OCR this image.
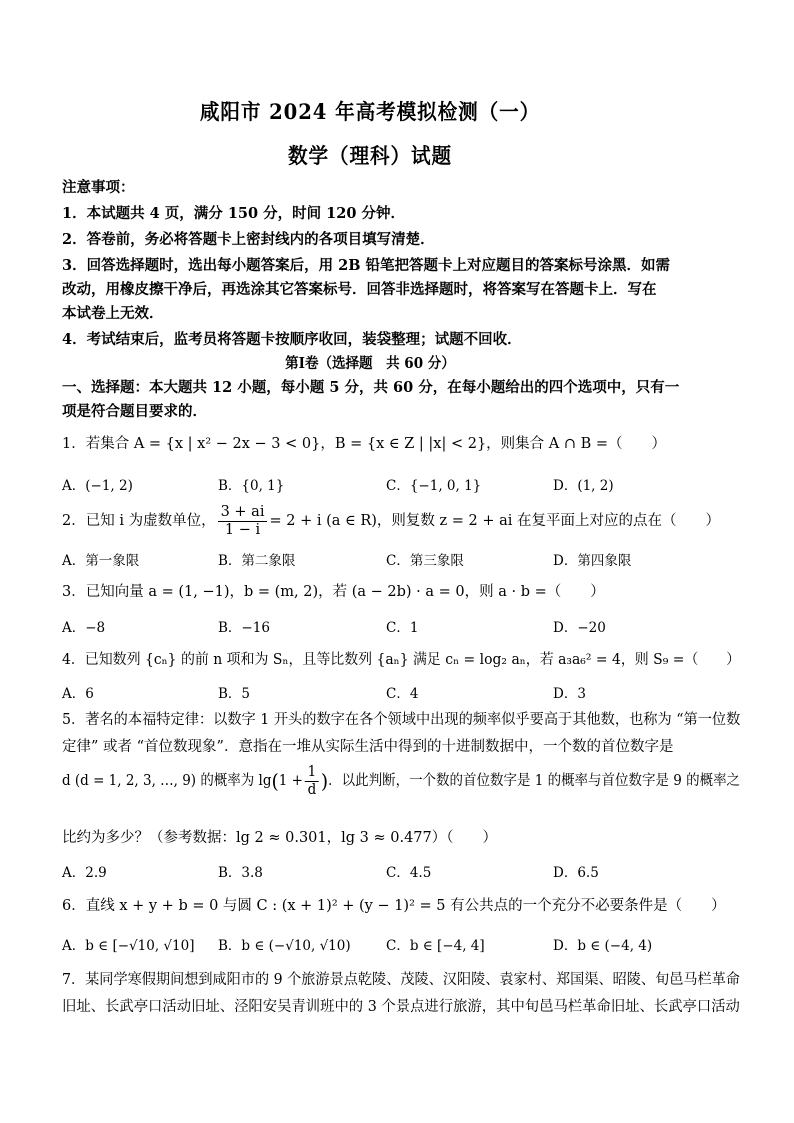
咸阳市 2024 年高考模拟检测（一）
数学（理科）试题
注意事项：
1．本试题共 4 页，满分 150 分，时间 120 分钟．
2．答卷前，务必将答题卡上密封线内的各项目填写清楚．
3．回答选择题时，选出每小题答案后，用 2B 铅笔把答题卡上对应题目的答案标号涂黑．如需
改动，用橡皮擦干净后，再选涂其它答案标号．回答非选择题时，将答案写在答题卡上．写在
本试卷上无效．
4．考试结束后，监考员将答题卡按顺序收回，装袋整理；试题不回收．
第Ⅰ卷（选择题　共 60 分）
一、选择题：本大题共 12 小题，每小题 5 分，共 60 分，在每小题给出的四个选项中，只有一
项是符合题目要求的．
1．若集合 A = {x | x² − 2x − 3 < 0}，B = {x ∈ Z | |x| < 2}，则集合 A ∩ B =（　　）
A．(−1, 2)	B．{0, 1}	C．{−1, 0, 1}	D．(1, 2)
2．已知 i 为虚数单位， $\frac{3 + ai}{1 - i} = 2 + i$ (a ∈ R)，则复数 z = 2 + ai 在复平面上对应的点在（　　）
A．第一象限	B．第二象限	C．第三象限	D．第四象限
3．已知向量 a = (1, −1)，b = (m, 2)，若 (a − 2b) · a = 0，则 a · b =（　　）
A．−8	B．−16	C．1	D．−20
4．已知数列 {cₙ} 的前 n 项和为 Sₙ，且等比数列 {aₙ} 满足 cₙ = log₂ aₙ，若 a₃a₆² = 4，则 S₉ =（　　）
A．6	B．5	C．4	D．3
5．著名的本福特定律：以数字 1 开头的数字在各个领域中出现的频率似乎要高于其他数，也称为 “第一位数
定律” 或者 “首位数现象”．意指在一堆从实际生活中得到的十进制数据中，一个数的首位数字是
d (d = 1, 2, 3, …, 9) 的概率为 $\lg(1 + \frac{1}{d}$ )．以此判断，一个数的首位数字是 1 的概率与首位数字是 9 的概率之
比约为多少？（参考数据：lg 2 ≈ 0.301，lg 3 ≈ 0.477）（　　）
A．2.9	B．3.8	C．4.5	D．6.5
6．直线 x + y + b = 0 与圆 C : (x + 1)² + (y − 1)² = 5 有公共点的一个充分不必要条件是（　　）
A．b ∈ [−√10, √10] B．b ∈ (−√10, √10)	C．b ∈ [−4, 4]	D．b ∈ (−4, 4)
7．某同学寒假期间想到咸阳市的 9 个旅游景点乾陵、茂陵、汉阳陵、袁家村、郑国渠、昭陵、旬邑马栏革命
旧址、长武亭口活动旧址、泾阳安吴青训班中的 3 个景点进行旅游，其中旬邑马栏革命旧址、长武亭口活动
